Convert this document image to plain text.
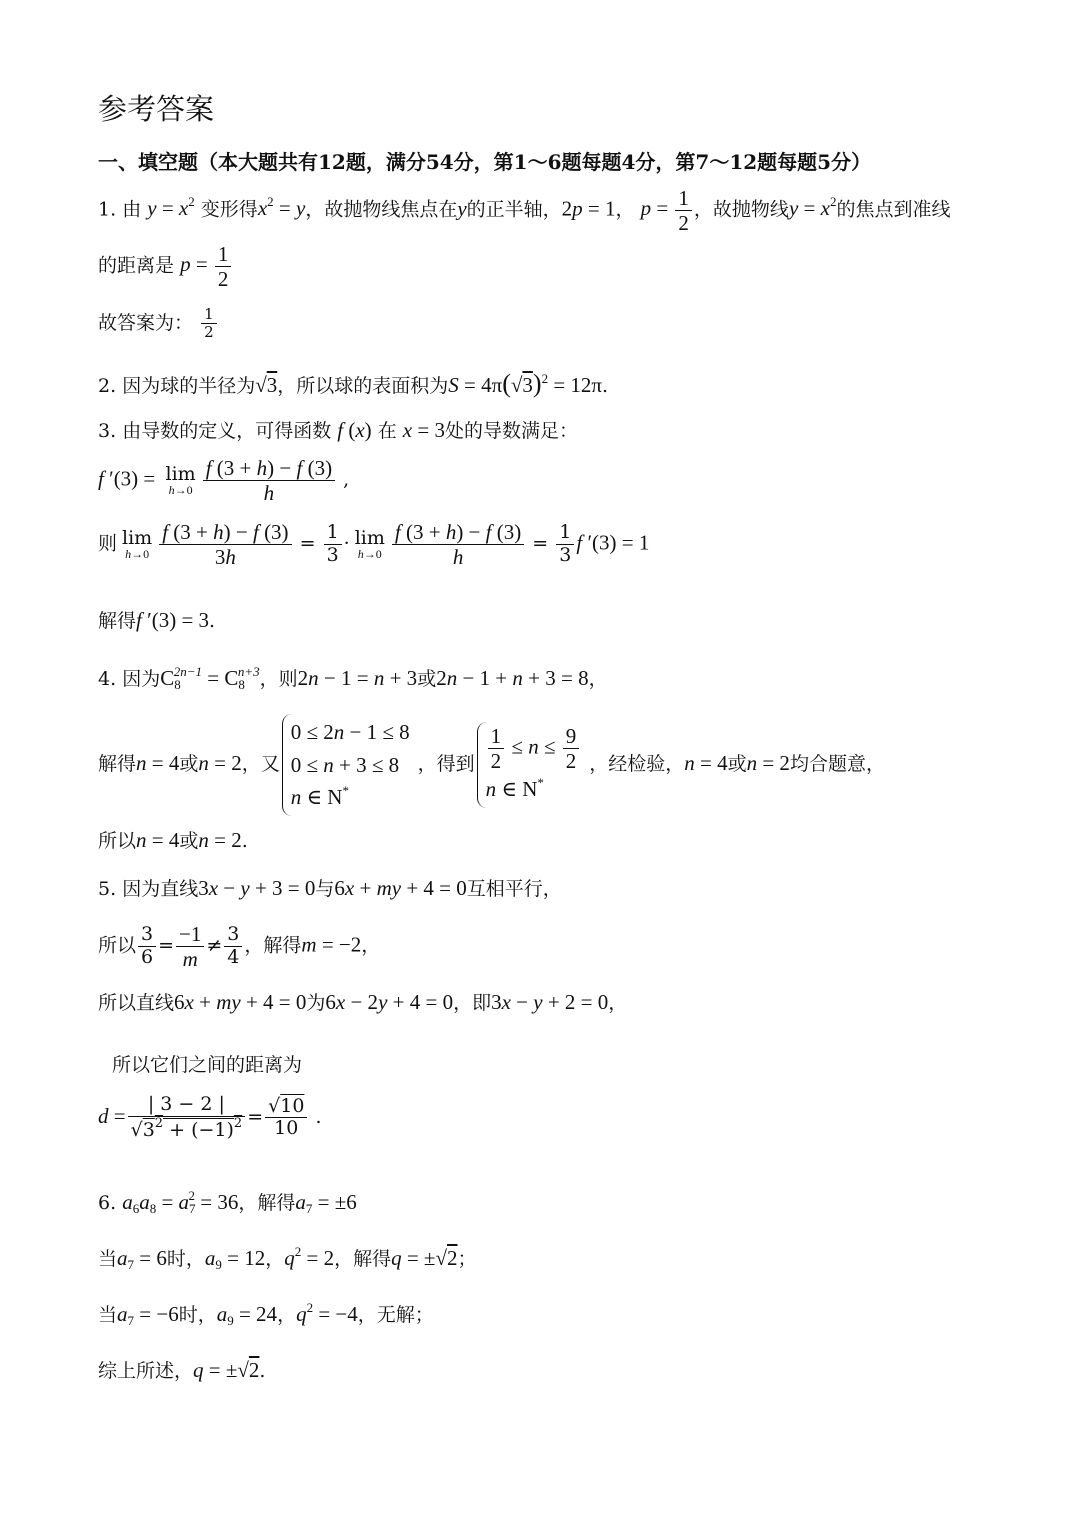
参考答案
一、填空题（本大题共有12题，满分54分，第1～6题每题4分，第7～12题每题5分）
1. 由 $y = x^2$ 变形得$x^2 = y$，故抛物线焦点在y的正半轴，2p = 1， $p = \frac{1}{2}$ ，故抛物线$y = x^2$的焦点到准线
的距离是 $p = \frac{1}{2}$
故答案为： $\frac{1}{2}$
2. 因为球的半径为√3，所以球的表面积为$S = 4\pi(√3)^2 = 12\pi$.
3. 由导数的定义，可得函数 f (x) 在 x = 3处的导数满足：
f ′(3) = lim
$h\to 0 \frac{f (3 + h) - f (3)}{h}$ ,
则 lim
$h\to 0 \frac{f (3 + h) - f (3)}{3h} = \frac{1}{3} \cdot \lim$
$h\to 0 \frac{f (3 + h) - f (3)}{h} = \frac{1}{3}$ f ′(3) = 1
解得f ′(3) = 3.
4. 因为$C_8^{2n-1} = C_8^{n+3}$，则2n − 1 = n + 3或2n − 1 + n + 3 = 8，
解得n = 4或n = 2，又
0 ≤ 2n − 1 ≤ 8
0 ≤ n + 3 ≤ 8
n ∈ N*
，得到 $\frac{1}{2} \le n \le \frac{9}{2}$
n ∈ N*
，经检验，n = 4或n = 2均合题意，
所以n = 4或n = 2.
5. 因为直线3x − y + 3 = 0与6x + my + 4 = 0互相平行，
所以 $\frac{3}{6} = \frac{-1}{m} \ne \frac{3}{4}$ ，解得m = −2，
所以直线6x + my + 4 = 0为6x − 2y + 4 = 0，即3x − y + 2 = 0，
所以它们之间的距离为
$d = \frac{| 3 - 2 |}{√3^2 + (-1)^2} = \frac{√10}{10}$ .
6. $a_6a_8 = a_7^2 = 36$，解得$a_7 = \pm 6$
当$a_7 = 6$时，$a_9 = 12$，$q^2 = 2$，解得q = ±√2；
当$a_7 = -6$时，$a_9 = 24$，$q^2 = -4$，无解；
综上所述，q = ±√2.
